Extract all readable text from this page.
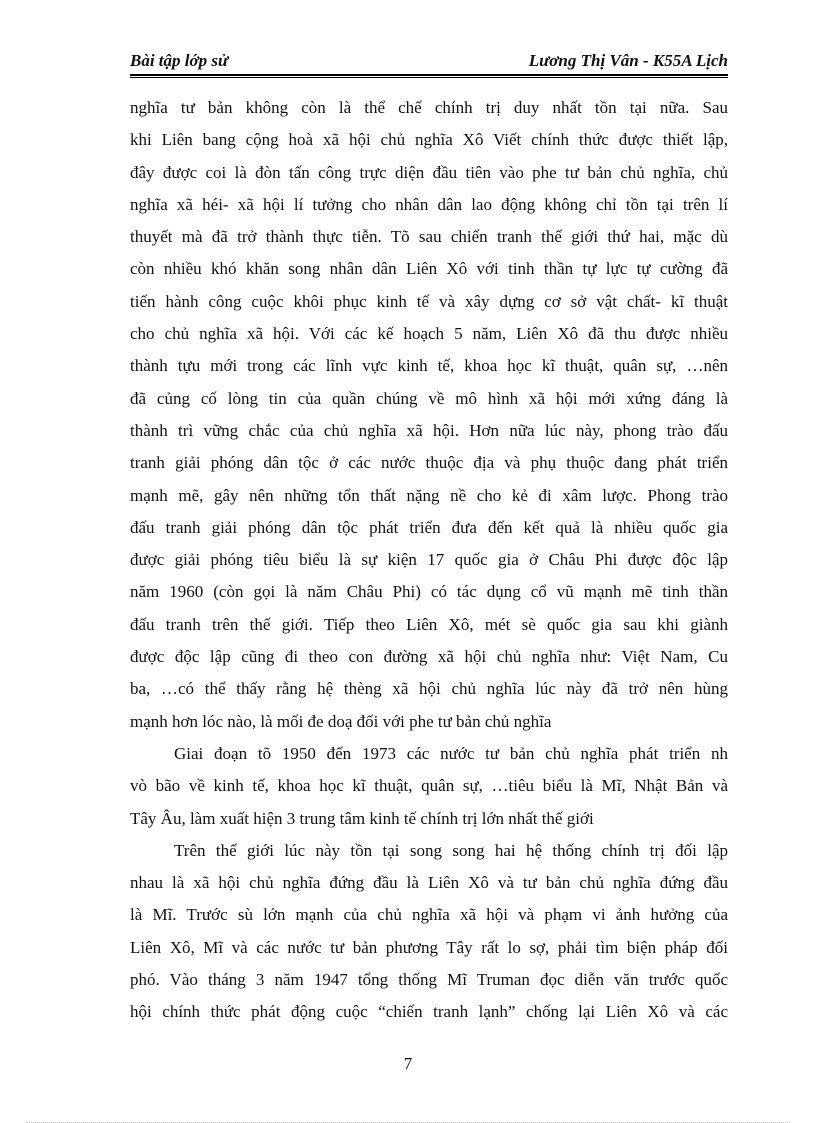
Bài tập lớp sử	Lương Thị Vân - K55A Lịch
nghĩa tư bản không còn là thể chế chính trị duy nhất tồn tại nữa. Sau
khi Liên bang cộng hoà xã hội chủ nghĩa Xô Viết chính thức được thiết lập,
đây được coi là đòn tấn công trực diện đầu tiên vào phe tư bản chủ nghĩa, chủ
nghĩa xã héi- xã hội lí tưởng cho nhân dân lao động không chỉ tồn tại trên lí
thuyết mà đã trở thành thực tiễn. Tõ sau chiến tranh thế giới thứ hai, mặc dù
còn nhiều khó khăn song nhân dân Liên Xô với tinh thần tự lực tự cường đã
tiến hành công cuộc khôi phục kinh tế và xây dựng cơ sở vật chất- kĩ thuật
cho chủ nghĩa xã hội. Với các kế hoạch 5 năm, Liên Xô đã thu được nhiều
thành tựu mới trong các lĩnh vực kinh tế, khoa học kĩ thuật, quân sự, …nên
đã củng cố lòng tin của quần chúng về mô hình xã hội mới xứng đáng là
thành trì vững chắc của chủ nghĩa xã hội. Hơn nữa lúc này, phong trào đấu
tranh giải phóng dân tộc ở các nước thuộc địa và phụ thuộc đang phát triển
mạnh mẽ, gây nên những tổn thất nặng nề cho kẻ đi xâm lược. Phong trào
đấu tranh giải phóng dân tộc phát triển đưa đến kết quả là nhiều quốc gia
được giải phóng tiêu biểu là sự kiện 17 quốc gia ở Châu Phi được độc lập
năm 1960 (còn gọi là năm Châu Phi) có tác dụng cổ vũ mạnh mẽ tinh thần
đấu tranh trên thế giới. Tiếp theo Liên Xô, mét sè quốc gia sau khi giành
được độc lập cũng đi theo con đường xã hội chủ nghĩa như: Việt Nam, Cu
ba, …có thể thấy rằng hệ thèng xã hội chủ nghĩa lúc này đã trở nên hùng
mạnh hơn lóc nào, là mối đe doạ đối với phe tư bản chủ nghĩa
Giai đoạn tõ 1950 đến 1973 các nước tư bản chủ nghĩa phát triển nh
vò bão về kinh tế, khoa học kĩ thuật, quân sự, …tiêu biểu là Mĩ, Nhật Bản và
Tây Âu, làm xuất hiện 3 trung tâm kinh tế chính trị lớn nhất thế giới
Trên thế giới lúc này tồn tại song song hai hệ thống chính trị đối lập
nhau là xã hội chủ nghĩa đứng đầu là Liên Xô và tư bản chủ nghĩa đứng đầu
là Mĩ. Trước sù lớn mạnh của chủ nghĩa xã hội và phạm vi ảnh hưởng của
Liên Xô, Mĩ và các nước tư bản phương Tây rất lo sợ, phải tìm biện pháp đối
phó. Vào tháng 3 năm 1947 tổng thống Mĩ Truman đọc diễn văn trước quốc
hội chính thức phát động cuộc “chiến tranh lạnh” chống lại Liên Xô và các
7
